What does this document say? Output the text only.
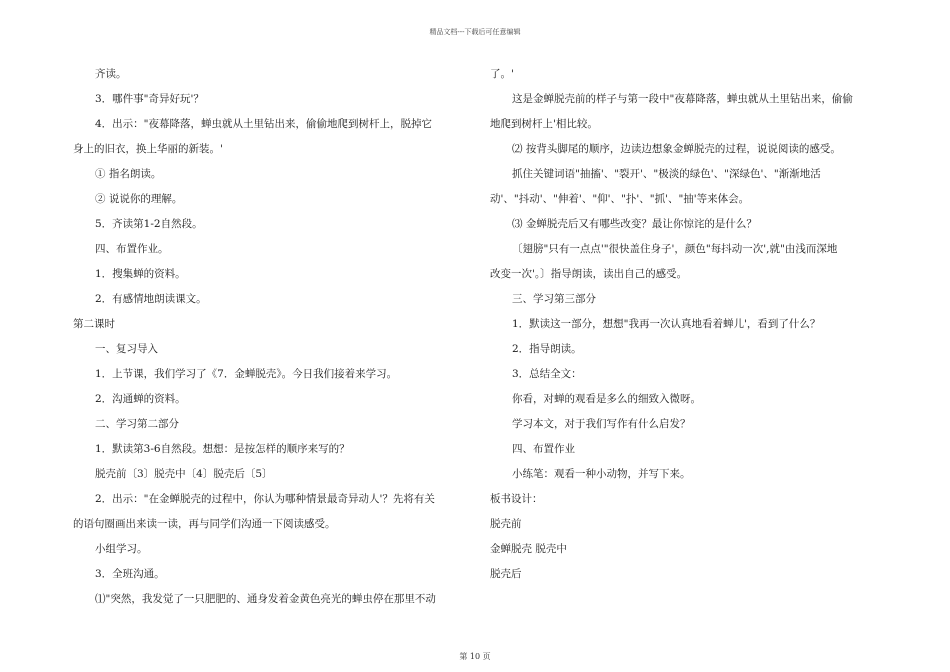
精品文档---下载后可任意编辑
齐读。
3．哪件事"奇异好玩'？
4．出示："夜幕降落，蝉虫就从土里钻出来，偷偷地爬到树杆上，脱掉它
身上的旧衣，换上华丽的新装。'
① 指名朗读。
② 说说你的理解。
5．齐读第1-2自然段。
四、布置作业。
1．搜集蝉的资料。
2．有感情地朗读课文。
第二课时
一、复习导入
1．上节课，我们学习了《7．金蝉脱壳》。今日我们接着来学习。
2．沟通蝉的资料。
二、学习第二部分
1．默读第3-6自然段。想想：是按怎样的顺序来写的？
脱壳前〔3〕脱壳中〔4〕脱壳后〔5〕
2．出示："在金蝉脱壳的过程中，你认为哪种情景最奇异动人'？先将有关
的语句圈画出来读一读，再与同学们沟通一下阅读感受。
小组学习。
3．全班沟通。
⑴"突然，我发觉了一只肥肥的、通身发着金黄色亮光的蝉虫停在那里不动
了。'
这是金蝉脱壳前的样子与第一段中"夜幕降落，蝉虫就从土里钻出来，偷偷
地爬到树杆上'相比较。
⑵ 按背头脚尾的顺序，边读边想象金蝉脱壳的过程，说说阅读的感受。
抓住关键词语"抽搐'、"裂开'、"极淡的绿色'、"深绿色'、"渐渐地活
动'、"抖动'、"伸着'、"仰'、"扑'、"抓'、"抽'等来体会。
⑶ 金蝉脱壳后又有哪些改变？最让你惊诧的是什么？
〔翅膀"只有一点点'"很快盖住身子'，颜色"每抖动一次',就"由浅而深地
改变一次'。〕指导朗读，读出自己的感受。
三、学习第三部分
1．默读这一部分，想想"我再一次认真地看着蝉儿'，看到了什么？
2．指导朗读。
3．总结全文：
你看，对蝉的观看是多么的细致入微呀。
学习本文，对于我们写作有什么启发？
四、布置作业
小练笔：观看一种小动物，并写下来。
板书设计：
脱壳前
金蝉脱壳 脱壳中
脱壳后
第 10 页
